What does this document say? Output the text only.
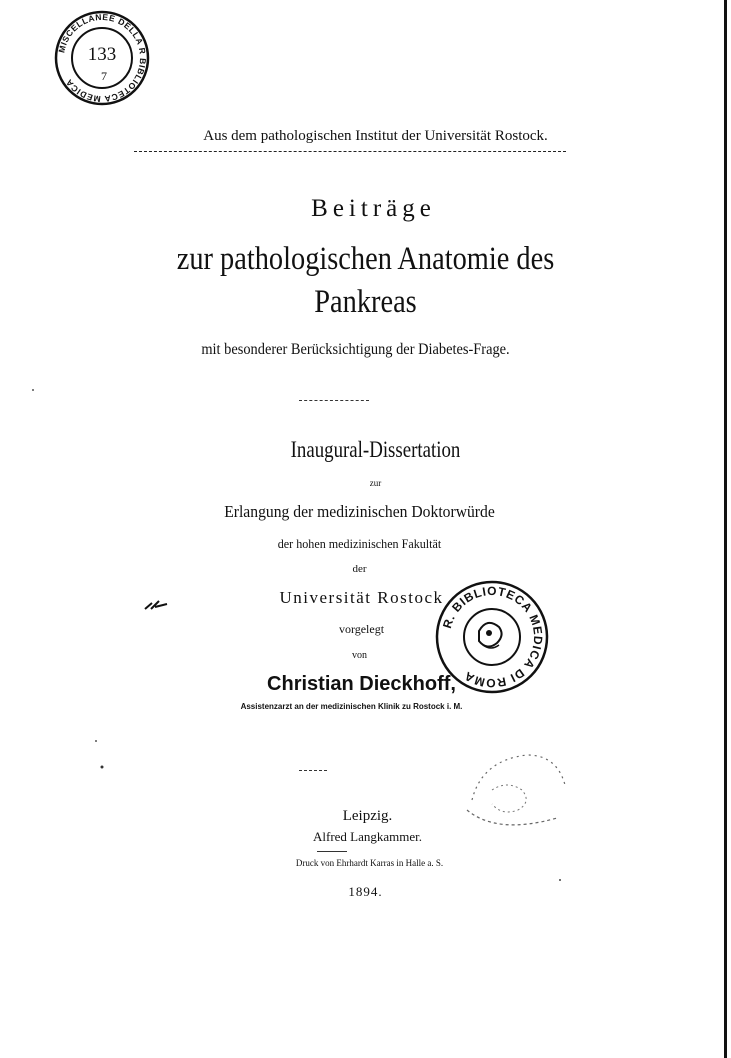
MISCELLANEE DELLA R BIBLIOTECA MEDICA
133
7
Aus dem pathologischen Institut der Universität Rostock.
Beiträge
zur pathologischen Anatomie des
Pankreas
mit besonderer Berücksichtigung der Diabetes-Frage.
Inaugural-Dissertation
zur
Erlangung der medizinischen Doktorwürde
der hohen medizinischen Fakultät
der
Universität Rostock
vorgelegt
von
R. BIBLIOTECA MEDICA DI ROMA
Christian Dieckhoff,
Assistenzarzt an der medizinischen Klinik zu Rostock i. M.
Leipzig.
Alfred Langkammer.
Druck von Ehrhardt Karras in Halle a. S.
1894.
